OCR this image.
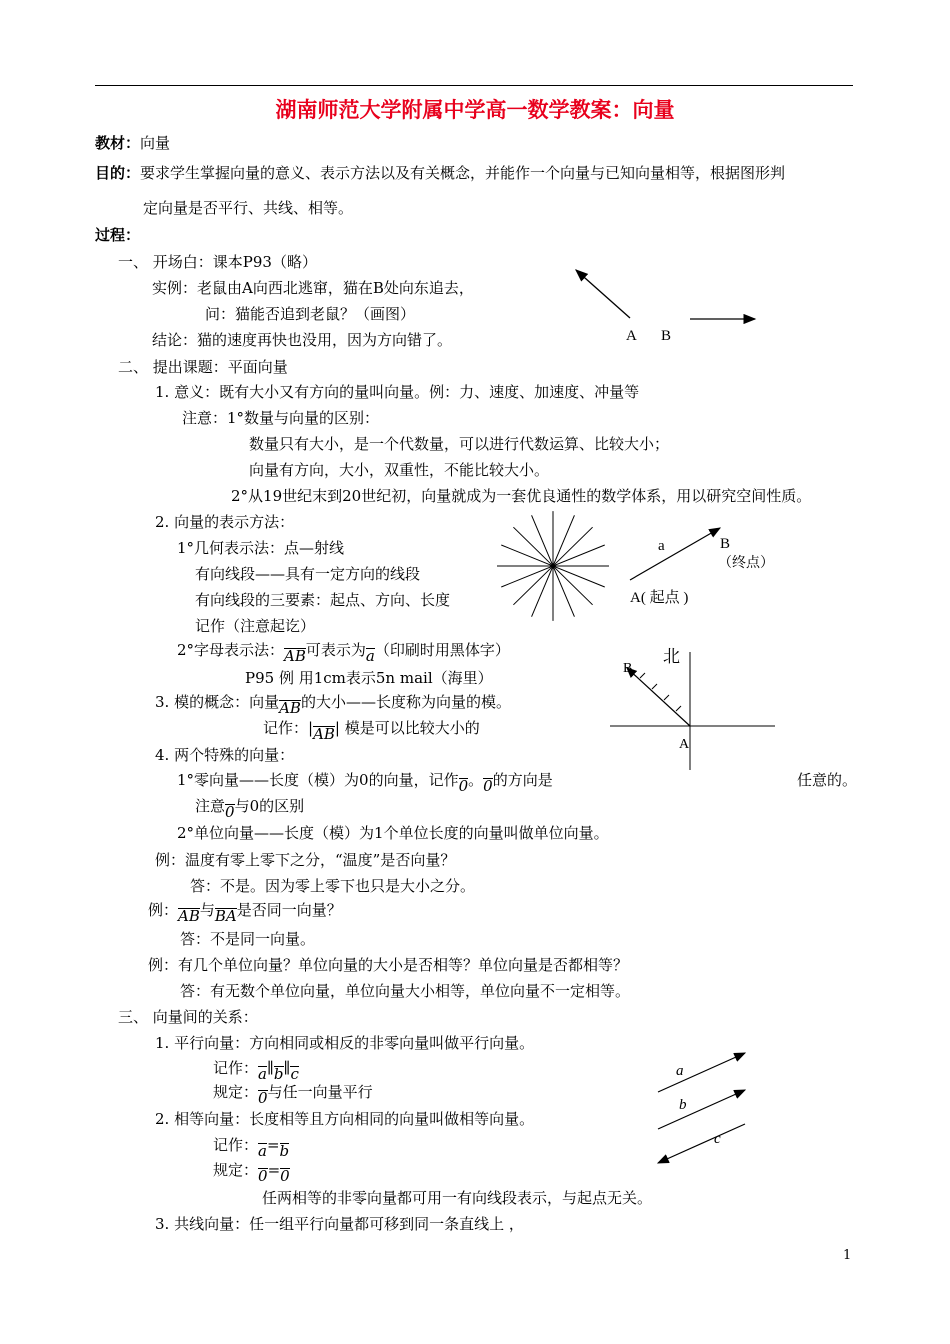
湖南师范大学附属中学高一数学教案：向量
教材：向量
目的：要求学生掌握向量的意义、表示方法以及有关概念，并能作一个向量与已知向量相等，根据图形判
定向量是否平行、共线、相等。
过程：
一、 开场白：课本P93（略）
实例：老鼠由A向西北逃窜，猫在B处向东追去，
问：猫能否追到老鼠？（画图）
结论：猫的速度再快也没用，因为方向错了。	A B
二、 提出课题：平面向量
1. 意义：既有大小又有方向的量叫向量。例：力、速度、加速度、冲量等
注意：1°数量与向量的区别：
数量只有大小，是一个代数量，可以进行代数运算、比较大小；
向量有方向，大小，双重性，不能比较大小。
2°从19世纪末到20世纪初，向量就成为一套优良通性的数学体系，用以研究空间性质。
2. 向量的表示方法：
1°几何表示法：点—射线
有向线段——具有一定方向的线段
有向线段的三要素：起点、方向、长度
记作（注意起讫）
a	B
（终点）
A( 起点 )
2°字母表示法：AB可表示为a（印刷时用黑体字）
P95 例 用1cm表示5n mail（海里）
北
B
A
3. 模的概念：向量AB的大小——长度称为向量的模。
记作：|AB| 模是可以比较大小的
4. 两个特殊的向量：
1°零向量——长度（模）为0的向量，记作0。0的方向是	任意的。
注意0与0的区别
2°单位向量——长度（模）为1个单位长度的向量叫做单位向量。
例：温度有零上零下之分，“温度”是否向量？
答：不是。因为零上零下也只是大小之分。
例：AB与BA是否同一向量？
答：不是同一向量。
例：有几个单位向量？单位向量的大小是否相等？单位向量是否都相等？
答：有无数个单位向量，单位向量大小相等，单位向量不一定相等。
三、 向量间的关系：
1. 平行向量：方向相同或相反的非零向量叫做平行向量。
记作：a∥b∥c
规定：0与任一向量平行
2. 相等向量：长度相等且方向相同的向量叫做相等向量。
记作：a=b
规定：0=0
任两相等的非零向量都可用一有向线段表示，与起点无关。
3. 共线向量：任一组平行向量都可移到同一条直线上 ，
a
b
c
1
